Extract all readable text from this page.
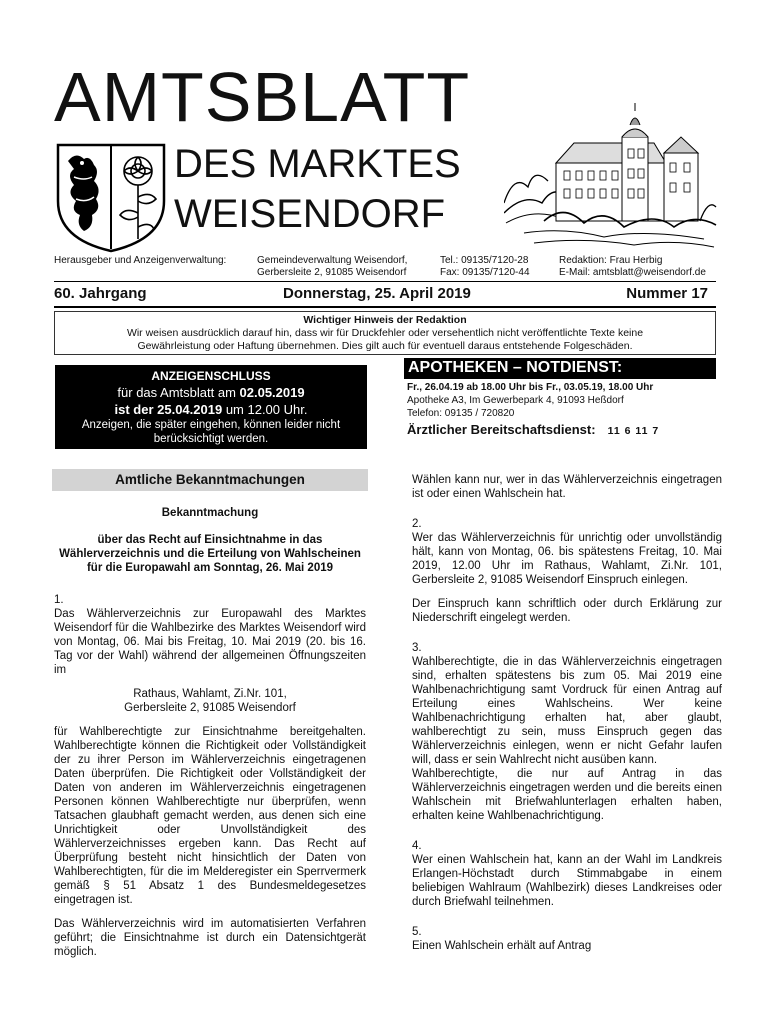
AMTSBLATT
DES MARKTES
WEISENDORF
Herausgeber und Anzeigenverwaltung:	Gemeindeverwaltung Weisendorf,
Gerbersleite 2, 91085 Weisendorf
Tel.: 09135/7120-28
Fax: 09135/7120-44
Redaktion: Frau Herbig
E-Mail: amtsblatt@weisendorf.de
60. Jahrgang	Donnerstag, 25. April 2019	Nummer 17
Wichtiger Hinweis der Redaktion
Wir weisen ausdrücklich darauf hin, dass wir für Druckfehler oder versehentlich nicht veröffentlichte Texte keine
Gewährleistung oder Haftung übernehmen. Dies gilt auch für eventuell daraus entstehende Folgeschäden.
ANZEIGENSCHLUSS
für das Amtsblatt am 02.05.2019
ist der 25.04.2019 um 12.00 Uhr.
Anzeigen, die später eingehen, können leider nicht berücksichtigt werden.
APOTHEKEN – NOTDIENST:
Fr., 26.04.19 ab 18.00 Uhr bis Fr., 03.05.19, 18.00 Uhr
Apotheke A3, Im Gewerbepark 4, 91093 Heßdorf
Telefon: 09135 / 720820
Ärztlicher Bereitschaftsdienst: 11 6 11 7
Amtliche Bekanntmachungen
Bekanntmachung
über das Recht auf Einsichtnahme in das Wählerverzeichnis und die Erteilung von Wahlscheinen für die Europawahl am Sonntag, 26. Mai 2019

1.
Das Wählerverzeichnis zur Europawahl des Marktes Weisendorf für die Wahlbezirke des Marktes Weisendorf wird von Montag, 06. Mai bis Freitag, 10. Mai 2019 (20. bis 16. Tag vor der Wahl) während der allgemeinen Öffnungszeiten im

Rathaus, Wahlamt, Zi.Nr. 101,
Gerbersleite 2, 91085 Weisendorf

für Wahlberechtigte zur Einsichtnahme bereitgehalten. Wahlberechtigte können die Richtigkeit oder Vollständigkeit der zu ihrer Person im Wählerverzeichnis eingetragenen Daten überprüfen. Die Richtigkeit oder Vollständigkeit der Daten von anderen im Wählerverzeichnis eingetragenen Personen können Wahlberechtigte nur überprüfen, wenn Tatsachen glaubhaft gemacht werden, aus denen sich eine Unrichtigkeit oder Unvollständigkeit des Wählerverzeichnisses ergeben kann. Das Recht auf Überprüfung besteht nicht hinsichtlich der Daten von Wahlberechtigten, für die im Melderegister ein Sperrvermerk gemäß § 51 Absatz 1 des Bundesmeldegesetzes eingetragen ist.

Das Wählerverzeichnis wird im automatisierten Verfahren geführt; die Einsichtnahme ist durch ein Datensichtgerät möglich.

Wählen kann nur, wer in das Wählerverzeichnis eingetragen ist oder einen Wahlschein hat.

2.
Wer das Wählerverzeichnis für unrichtig oder unvollständig hält, kann von Montag, 06. bis spätestens Freitag, 10. Mai 2019, 12.00 Uhr im Rathaus, Wahlamt, Zi.Nr. 101, Gerbersleite 2, 91085 Weisendorf Einspruch einlegen.

Der Einspruch kann schriftlich oder durch Erklärung zur Niederschrift eingelegt werden.

3.
Wahlberechtigte, die in das Wählerverzeichnis eingetragen sind, erhalten spätestens bis zum 05. Mai 2019 eine Wahlbenachrichtigung samt Vordruck für einen Antrag auf Erteilung eines Wahlscheins. Wer keine Wahlbenachrichtigung erhalten hat, aber glaubt, wahlberechtigt zu sein, muss Einspruch gegen das Wählerverzeichnis einlegen, wenn er nicht Gefahr laufen will, dass er sein Wahlrecht nicht ausüben kann.
Wahlberechtigte, die nur auf Antrag in das Wählerverzeichnis eingetragen werden und die bereits einen Wahlschein mit Briefwahlunterlagen erhalten haben, erhalten keine Wahlbenachrichtigung.

4.
Wer einen Wahlschein hat, kann an der Wahl im Landkreis Erlangen-Höchstadt durch Stimmabgabe in einem beliebigen Wahlraum (Wahlbezirk) dieses Landkreises oder durch Briefwahl teilnehmen.

5.
Einen Wahlschein erhält auf Antrag
